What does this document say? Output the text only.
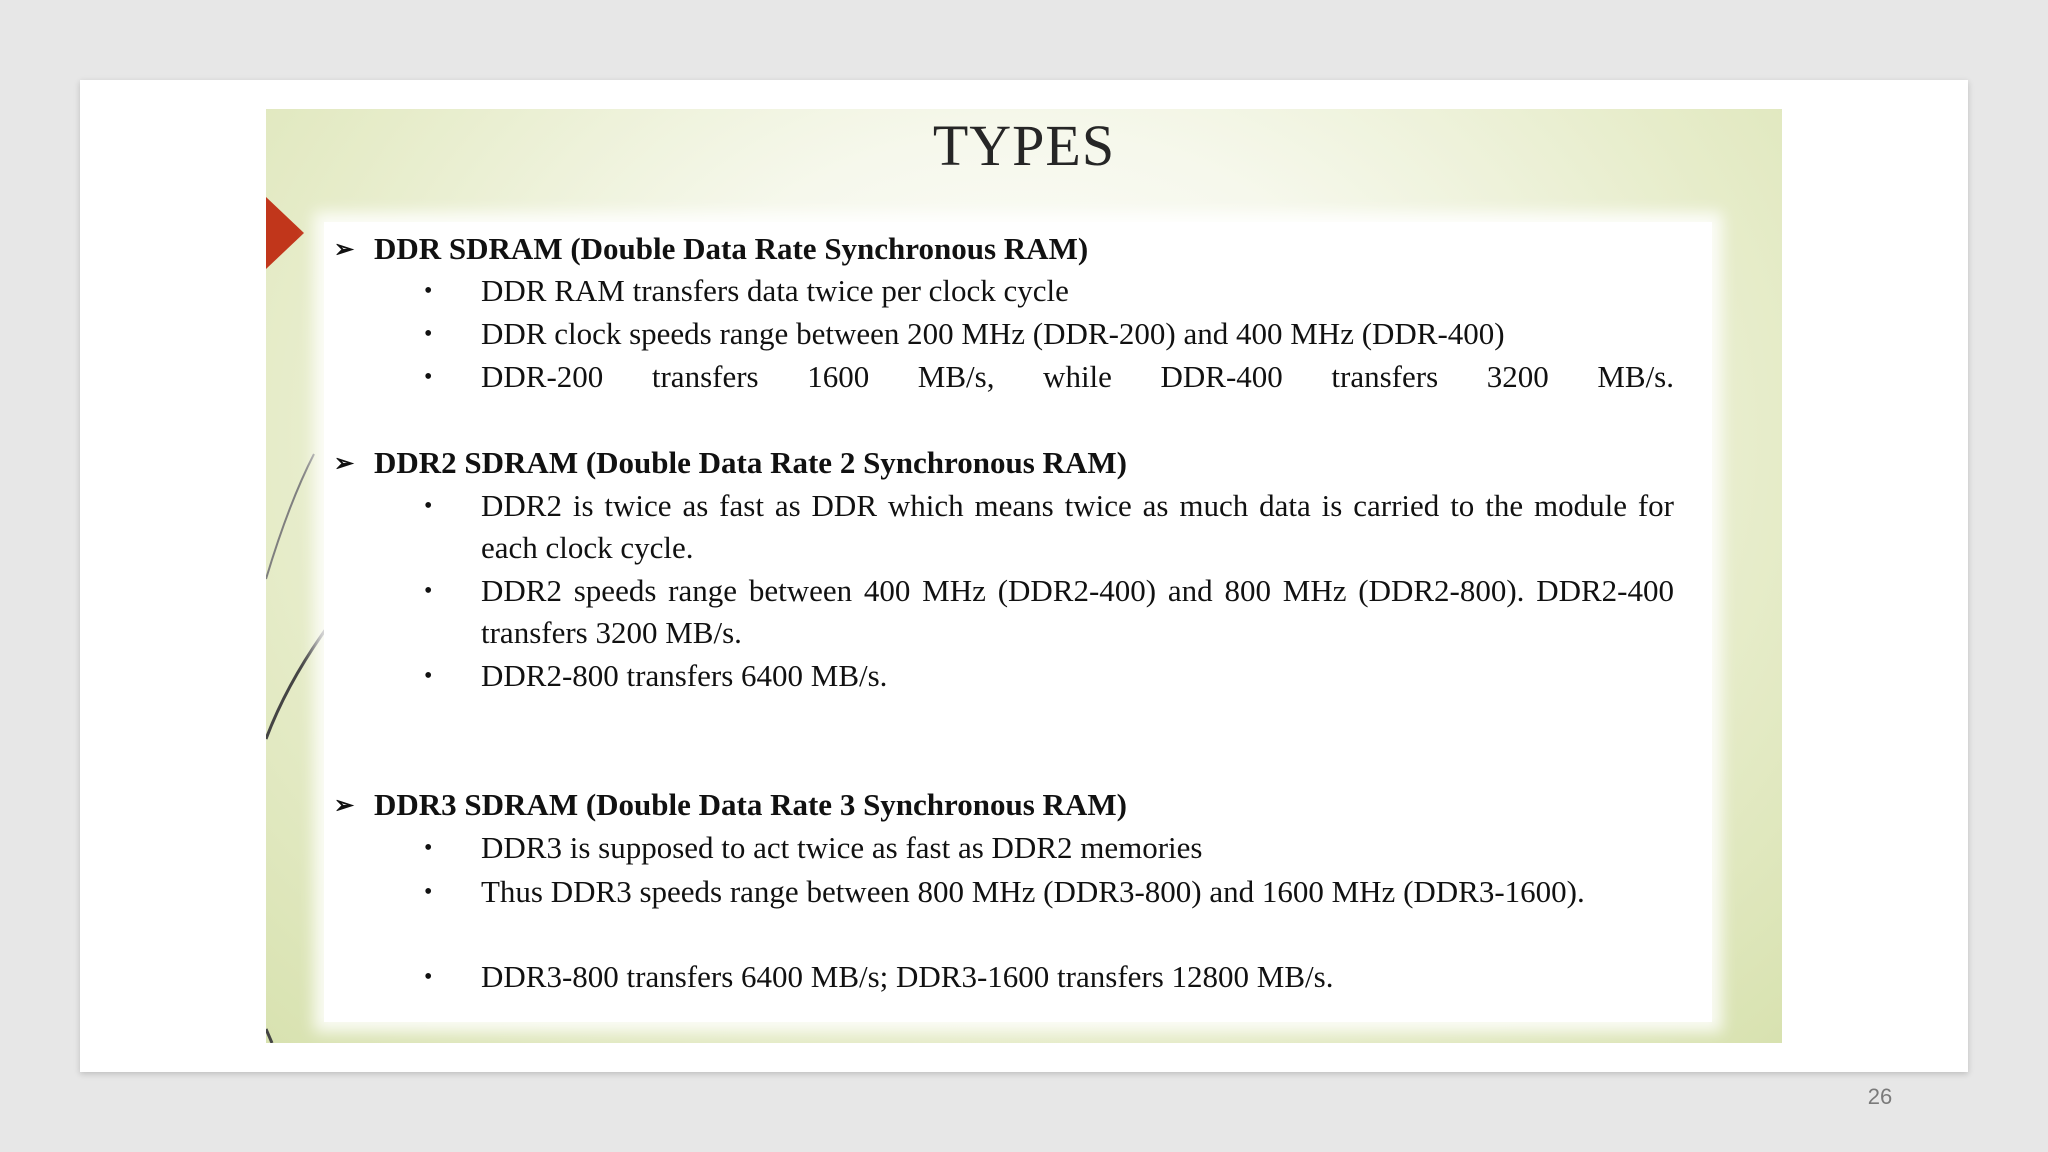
TYPES
➢ DDR SDRAM (Double Data Rate Synchronous RAM)
• DDR RAM transfers data twice per clock cycle
• DDR clock speeds range between 200 MHz (DDR-200) and 400 MHz (DDR-400)
• DDR-200 transfers 1600 MB/s, while DDR-400 transfers 3200 MB/s.
➢ DDR2 SDRAM (Double Data Rate 2 Synchronous RAM)
• DDR2 is twice as fast as DDR which means twice as much data is carried to the module for each clock cycle.
• DDR2 speeds range between 400 MHz (DDR2-400) and 800 MHz (DDR2-800). DDR2-400 transfers 3200 MB/s.
• DDR2-800 transfers 6400 MB/s.
➢ DDR3 SDRAM (Double Data Rate 3 Synchronous RAM)
• DDR3 is supposed to act twice as fast as DDR2 memories
• Thus DDR3 speeds range between 800 MHz (DDR3-800) and 1600 MHz (DDR3-1600).
• DDR3-800 transfers 6400 MB/s; DDR3-1600 transfers 12800 MB/s.
26
